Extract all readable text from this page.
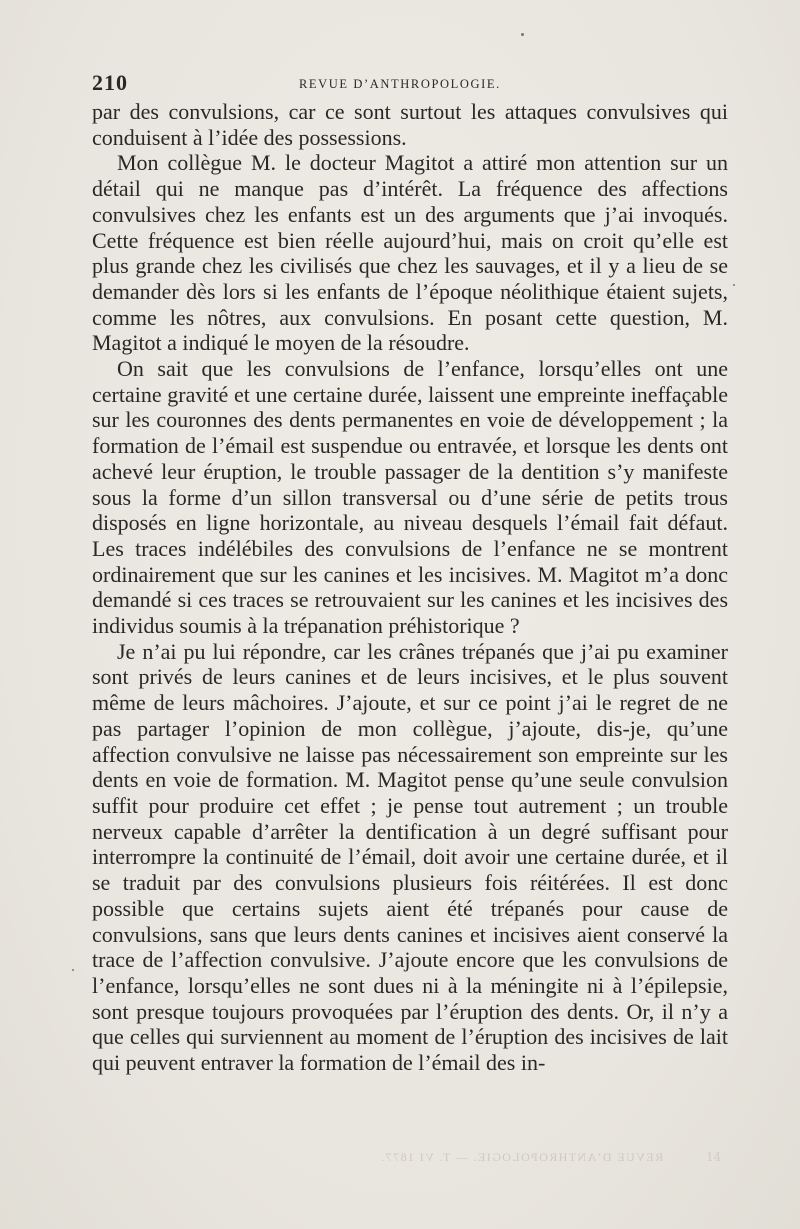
210	REVUE D’ANTHROPOLOGIE.

par des convulsions, car ce sont surtout les attaques convulsives qui conduisent à l’idée des possessions.

Mon collègue M. le docteur Magitot a attiré mon attention sur un détail qui ne manque pas d’intérêt. La fréquence des affections convulsives chez les enfants est un des arguments que j’ai invoqués. Cette fréquence est bien réelle aujourd’hui, mais on croit qu’elle est plus grande chez les civilisés que chez les sauvages, et il y a lieu de se demander dès lors si les enfants de l’époque néolithique étaient sujets, comme les nôtres, aux convulsions. En posant cette question, M. Magitot a indiqué le moyen de la résoudre.

On sait que les convulsions de l’enfance, lorsqu’elles ont une certaine gravité et une certaine durée, laissent une empreinte ineffaçable sur les couronnes des dents permanentes en voie de développement ; la formation de l’émail est suspendue ou entravée, et lorsque les dents ont achevé leur éruption, le trouble passager de la dentition s’y manifeste sous la forme d’un sillon transversal ou d’une série de petits trous disposés en ligne horizontale, au niveau desquels l’émail fait défaut. Les traces indélébiles des convulsions de l’enfance ne se montrent ordinairement que sur les canines et les incisives. M. Magitot m’a donc demandé si ces traces se retrouvaient sur les canines et les incisives des individus soumis à la trépanation préhistorique ?

Je n’ai pu lui répondre, car les crânes trépanés que j’ai pu examiner sont privés de leurs canines et de leurs incisives, et le plus souvent même de leurs mâchoires. J’ajoute, et sur ce point j’ai le regret de ne pas partager l’opinion de mon collègue, j’ajoute, dis-je, qu’une affection convulsive ne laisse pas nécessairement son empreinte sur les dents en voie de formation. M. Magitot pense qu’une seule convulsion suffit pour produire cet effet ; je pense tout autrement ; un trouble nerveux capable d’arrêter la dentification à un degré suffisant pour interrompre la continuité de l’émail, doit avoir une certaine durée, et il se traduit par des convulsions plusieurs fois réitérées. Il est donc possible que certains sujets aient été trépanés pour cause de convulsions, sans que leurs dents canines et incisives aient conservé la trace de l’affection convulsive. J’ajoute encore que les convulsions de l’enfance, lorsqu’elles ne sont dues ni à la méningite ni à l’épilepsie, sont presque toujours provoquées par l’éruption des dents. Or, il n’y a que celles qui surviennent au moment de l’éruption des incisives de lait qui peuvent entraver la formation de l’émail des in-

REVUE D’ANTHROPOLOGIE. — T. VI 1877.	14
